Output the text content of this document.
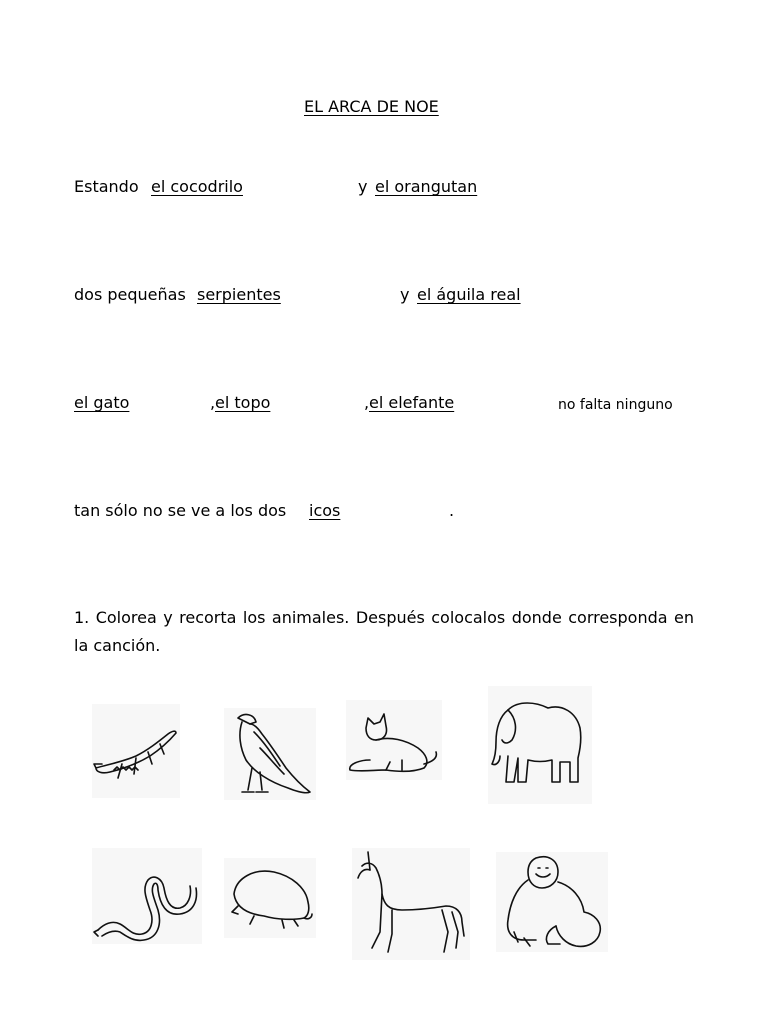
EL ARCA DE NOE
Estando el cocodrilo	y el orangutan
dos pequeñas serpientes	y el águila real
el gato	, el topo	, el elefante	no falta ninguno
tan sólo no se ve a los dos icos	.
1. Colorea y recorta los animales. Después colocalos donde corresponda en la canción.
